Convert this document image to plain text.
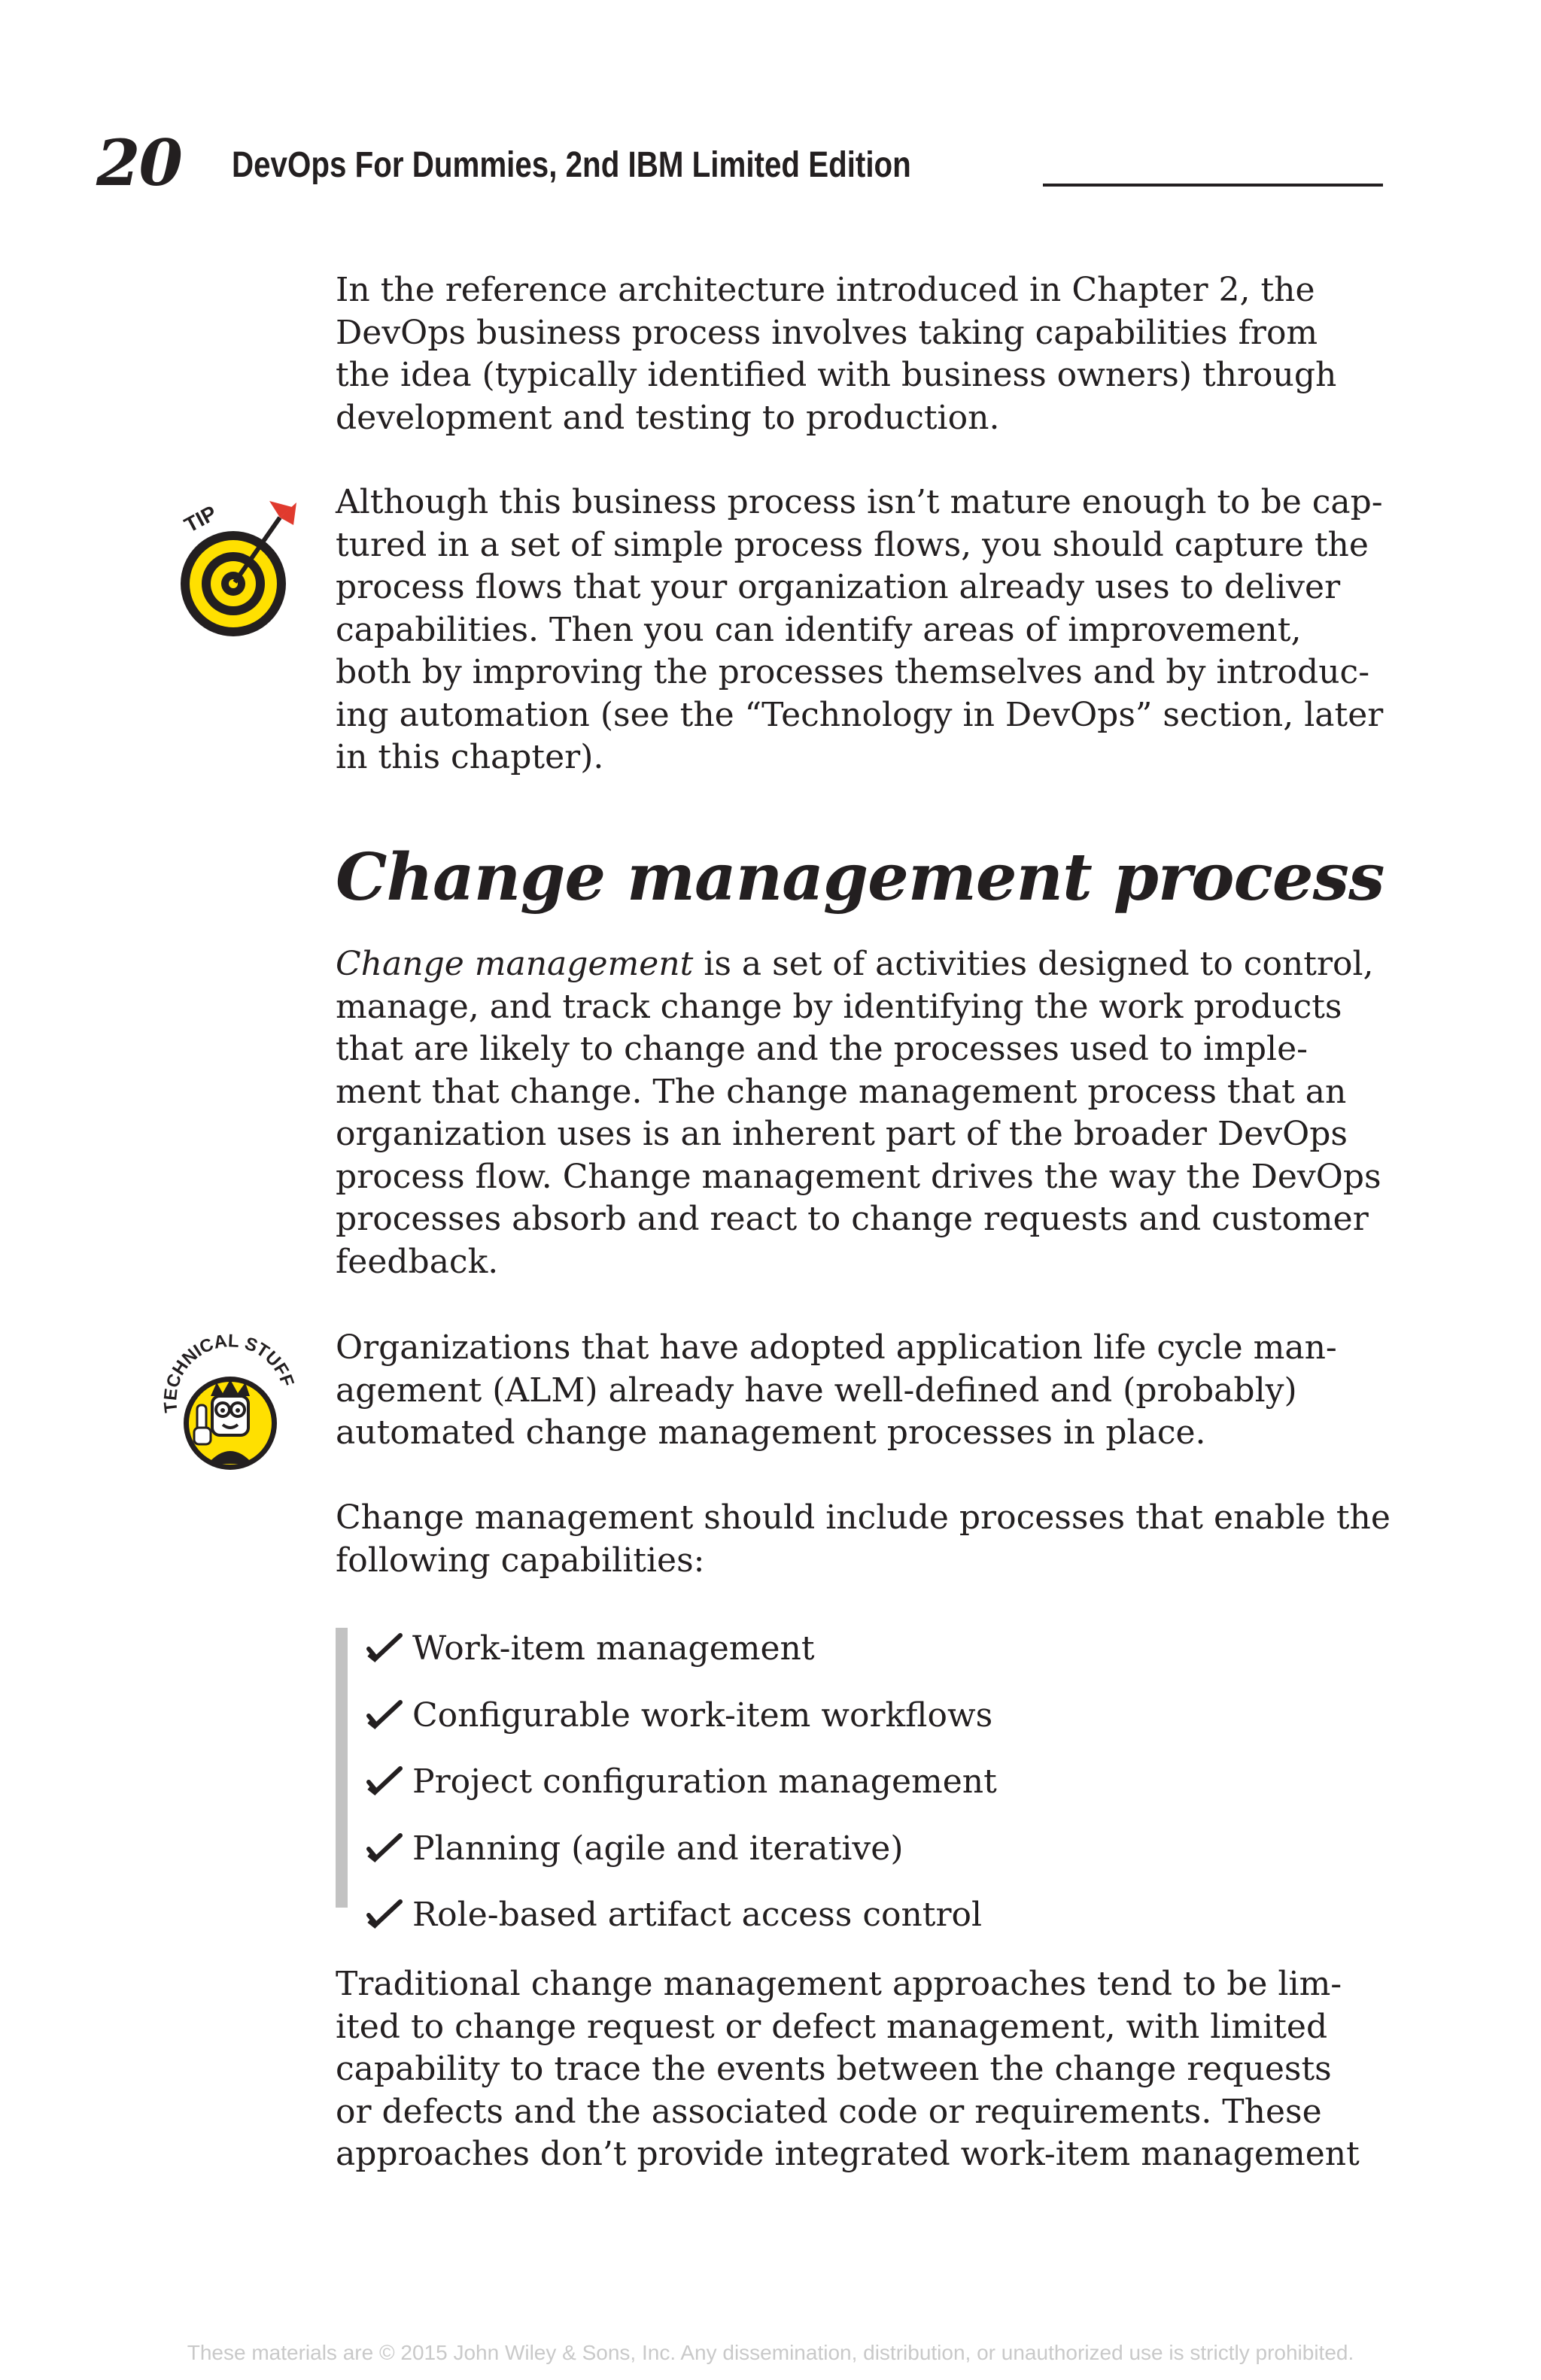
20 DevOps For Dummies, 2nd IBM Limited Edition
In the reference architecture introduced in Chapter 2, the
DevOps business process involves taking capabilities from
the idea (typically identified with business owners) through
development and testing to production.
TIP	Although this business process isn’t mature enough to be cap-
tured in a set of simple process flows, you should capture the
process flows that your organization already uses to deliver
capabilities. Then you can identify areas of improvement,
both by improving the processes themselves and by introduc-
ing automation (see the “Technology in DevOps” section, later
in this chapter).
Change management process
Change management is a set of activities designed to control,
manage, and track change by identifying the work products
that are likely to change and the processes used to imple-
ment that change. The change management process that an
organization uses is an inherent part of the broader DevOps
process flow. Change management drives the way the DevOps
processes absorb and react to change requests and customer
feedback.
TECHNICAL STUFF
Organizations that have adopted application life cycle man-
agement (ALM) already have well-defined and (probably)
automated change management processes in place.
Change management should include processes that enable the
following capabilities:
Work-item management
Configurable work-item workflows
Project configuration management
Planning (agile and iterative)
Role-based artifact access control
Traditional change management approaches tend to be lim-
ited to change request or defect management, with limited
capability to trace the events between the change requests
or defects and the associated code or requirements. These
approaches don’t provide integrated work-item management
These materials are © 2015 John Wiley & Sons, Inc. Any dissemination, distribution, or unauthorized use is strictly prohibited.
